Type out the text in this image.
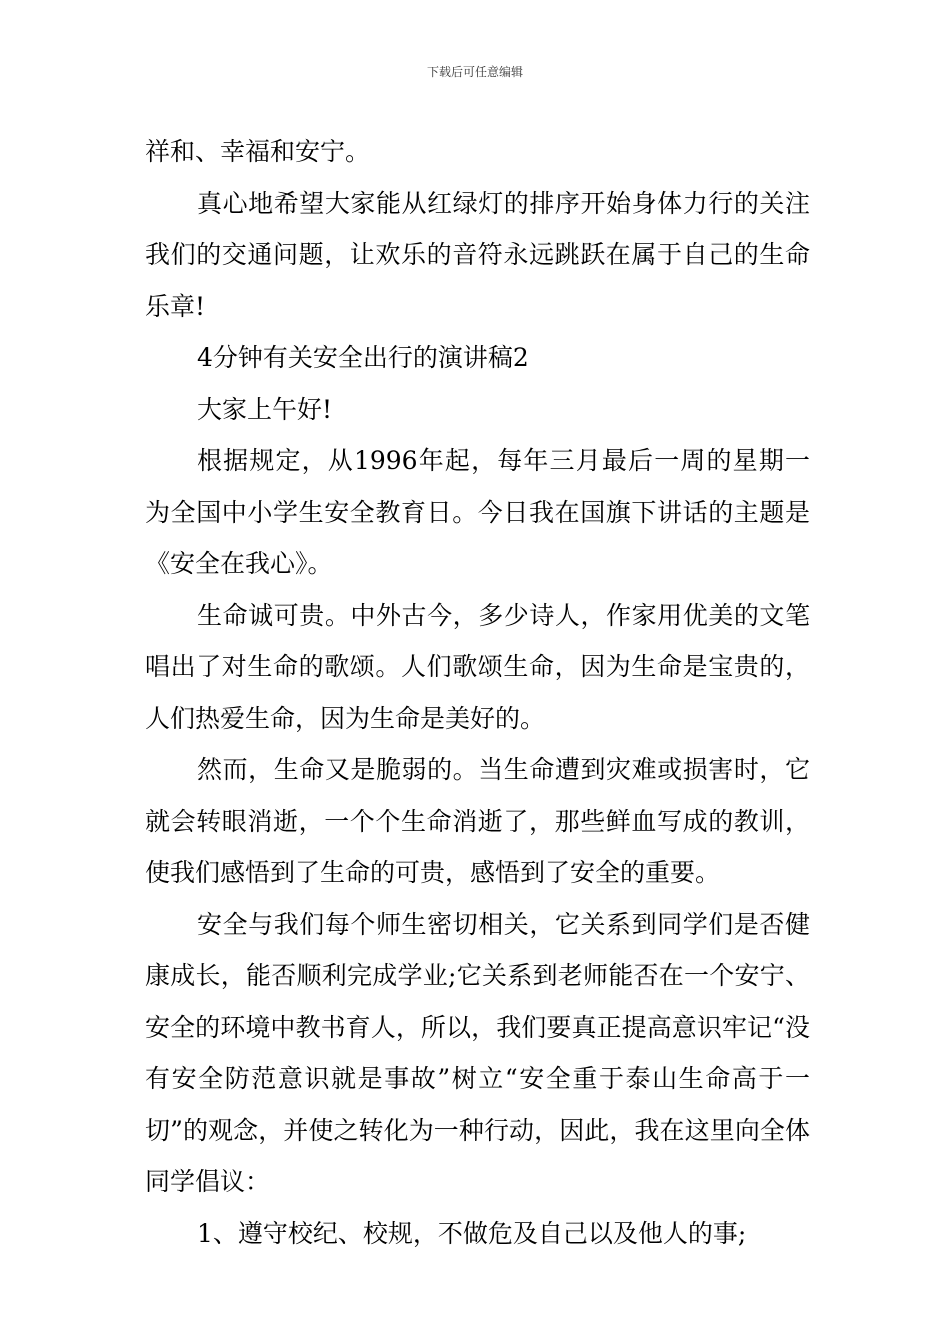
下载后可任意编辑

祥和、幸福和安宁。

真心地希望大家能从红绿灯的排序开始身体力行的关注我们的交通问题，让欢乐的音符永远跳跃在属于自己的生命乐章!

4分钟有关安全出行的演讲稿2

大家上午好!

根据规定，从1996年起，每年三月最后一周的星期一为全国中小学生安全教育日。今日我在国旗下讲话的主题是《安全在我心》。

生命诚可贵。中外古今，多少诗人，作家用优美的文笔唱出了对生命的歌颂。人们歌颂生命，因为生命是宝贵的，人们热爱生命，因为生命是美好的。

然而，生命又是脆弱的。当生命遭到灾难或损害时，它就会转眼消逝，一个个生命消逝了，那些鲜血写成的教训，使我们感悟到了生命的可贵，感悟到了安全的重要。

安全与我们每个师生密切相关，它关系到同学们是否健康成长，能否顺利完成学业;它关系到老师能否在一个安宁、安全的环境中教书育人，所以，我们要真正提高意识牢记“没有安全防范意识就是事故”树立“安全重于泰山生命高于一切”的观念，并使之转化为一种行动，因此，我在这里向全体同学倡议：

1、遵守校纪、校规，不做危及自己以及他人的事;
